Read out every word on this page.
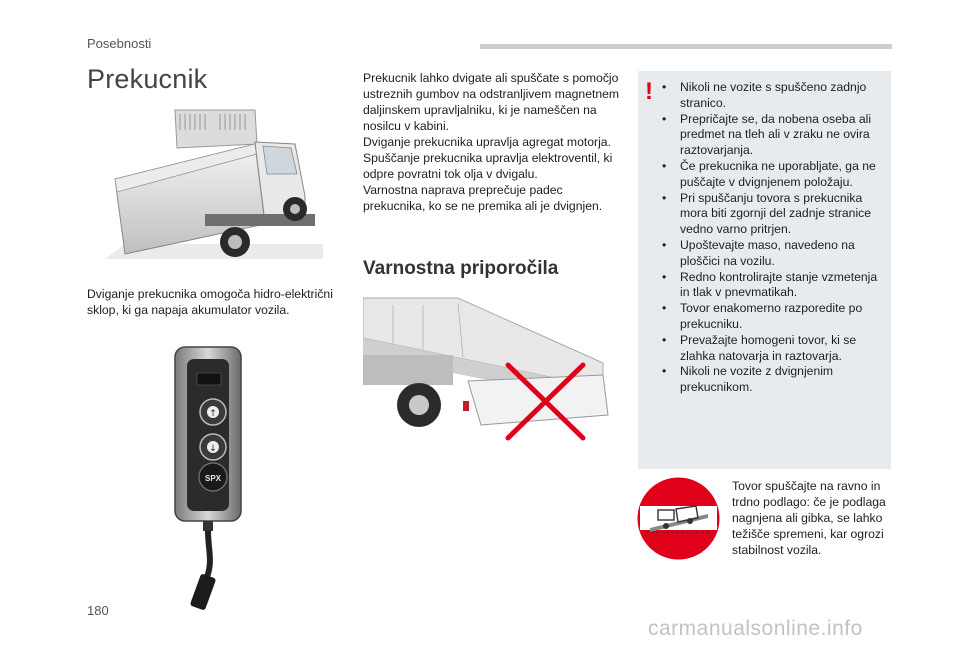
Posebnosti
Prekucnik
Dviganje prekucnika omogoča hidro-električni sklop, ki ga napaja akumulator vozila.
↑
↓
SPX
Prekucnik lahko dvigate ali spuščate s pomočjo ustreznih gumbov na odstranljivem magnetnem daljinskem upravljalniku, ki je nameščen na nosilcu v kabini.
Dviganje prekucnika upravlja agregat motorja.
Spuščanje prekucnika upravlja elektroventil, ki odpre povratni tok olja v dvigalu.
Varnostna naprava preprečuje padec prekucnika, ko se ne premika ali je dvignjen.
Varnostna priporočila
!
•	Nikoli ne vozite s spuščeno zadnjo stranico.
• Prepričajte se, da nobena oseba ali predmet na tleh ali v zraku ne ovira raztovarjanja.
• Če prekucnika ne uporabljate, ga ne puščajte v dvignjenem položaju.
• Pri spuščanju tovora s prekucnika mora biti zgornji del zadnje stranice vedno varno pritrjen.
• Upoštevajte maso, navedeno na ploščici na vozilu.
• Redno kontrolirajte stanje vzmetenja in tlak v pnevmatikah.
• Tovor enakomerno razporedite po prekucniku.
• Prevažajte homogeni tovor, ki se zlahka natovarja in raztovarja.
• Nikoli ne vozite z dvignjenim prekucnikom.
Tovor spuščajte na ravno in trdno podlago: če je podlaga nagnjena ali gibka, se lahko težišče spremeni, kar ogrozi stabilnost vozila.
180
carmanualsonline.info
